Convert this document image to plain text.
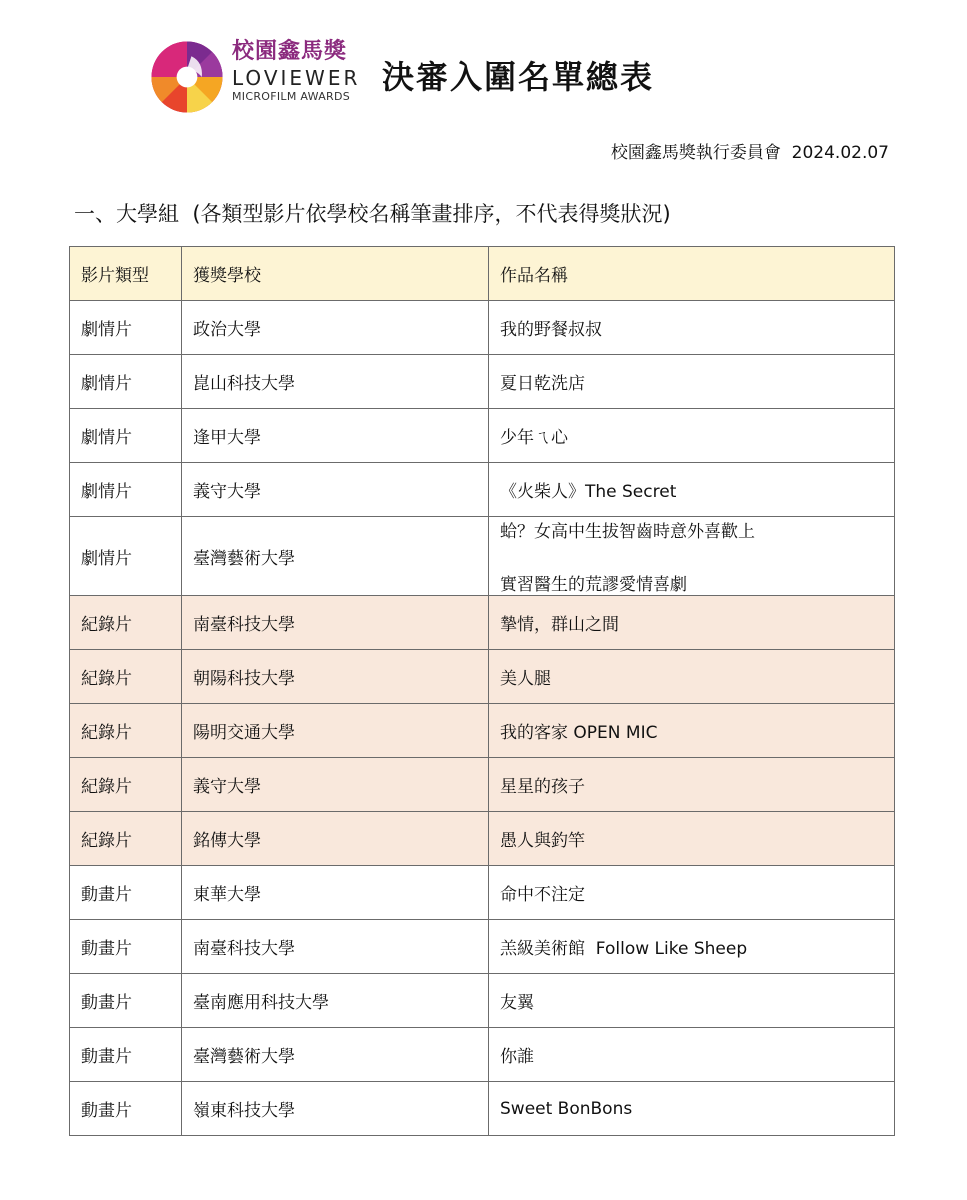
校園鑫馬獎
LOVIEWER
MICROFILM AWARDS
決審入圍名單總表
校園鑫馬獎執行委員會  2024.02.07
一、大學組  (各類型影片依學校名稱筆畫排序，不代表得獎狀況)
影片類型	獲獎學校	作品名稱
劇情片	政治大學	我的野餐叔叔
劇情片	崑山科技大學	夏日乾洗店
劇情片	逢甲大學	少年ㄟ心
劇情片	義守大學	《火柴人》The Secret
劇情片	臺灣藝術大學	蛤？女高中生拔智齒時意外喜歡上
實習醫生的荒謬愛情喜劇

紀錄片	南臺科技大學	摯情，群山之間
紀錄片	朝陽科技大學	美人腿
紀錄片	陽明交通大學	我的客家 OPEN MIC
紀錄片	義守大學	星星的孩子
紀錄片	銘傳大學	愚人與釣竿
動畫片	東華大學	命中不注定
動畫片	南臺科技大學	羔級美術館  Follow Like Sheep
動畫片	臺南應用科技大學	友翼
動畫片	臺灣藝術大學	你誰
動畫片	嶺東科技大學	Sweet BonBons
